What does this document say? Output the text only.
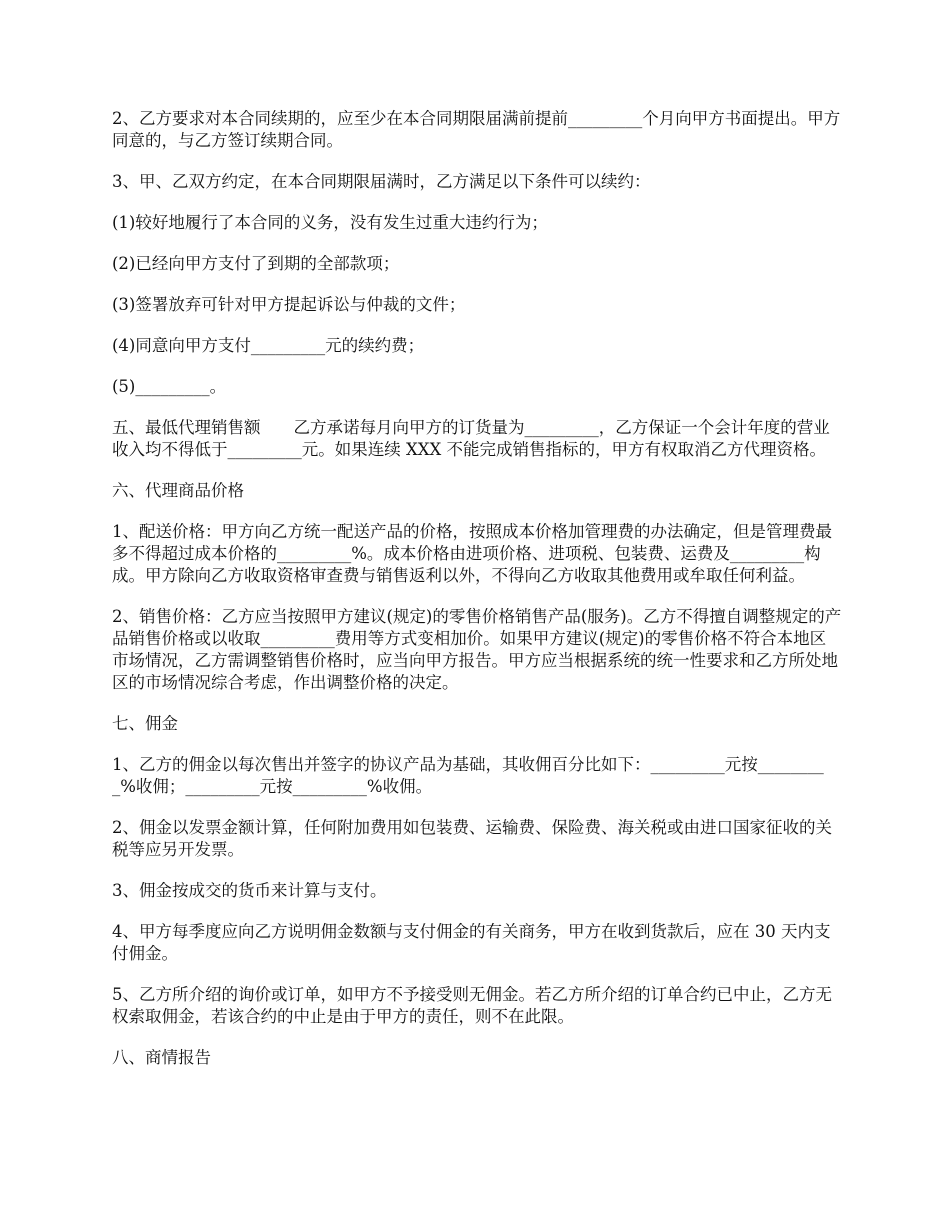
2、乙方要求对本合同续期的，应至少在本合同期限届满前提前_________个月向甲方书面提出。甲方同意的，与乙方签订续期合同。

3、甲、乙双方约定，在本合同期限届满时，乙方满足以下条件可以续约：

(1)较好地履行了本合同的义务，没有发生过重大违约行为；

(2)已经向甲方支付了到期的全部款项；

(3)签署放弃可针对甲方提起诉讼与仲裁的文件；

(4)同意向甲方支付_________元的续约费；

(5)_________。

五、最低代理销售额　　乙方承诺每月向甲方的订货量为_________，乙方保证一个会计年度的营业收入均不得低于_________元。如果连续 XXX 不能完成销售指标的，甲方有权取消乙方代理资格。

六、代理商品价格

1、配送价格：甲方向乙方统一配送产品的价格，按照成本价格加管理费的办法确定，但是管理费最多不得超过成本价格的_________%。成本价格由进项价格、进项税、包装费、运费及_________构成。甲方除向乙方收取资格审查费与销售返利以外，不得向乙方收取其他费用或牟取任何利益。

2、销售价格：乙方应当按照甲方建议(规定)的零售价格销售产品(服务)。乙方不得擅自调整规定的产品销售价格或以收取_________费用等方式变相加价。如果甲方建议(规定)的零售价格不符合本地区市场情况，乙方需调整销售价格时，应当向甲方报告。甲方应当根据系统的统一性要求和乙方所处地区的市场情况综合考虑，作出调整价格的决定。

七、佣金

1、乙方的佣金以每次售出并签字的协议产品为基础，其收佣百分比如下：_________元按_________%收佣；_________元按_________%收佣。

2、佣金以发票金额计算，任何附加费用如包装费、运输费、保险费、海关税或由进口国家征收的关税等应另开发票。

3、佣金按成交的货币来计算与支付。

4、甲方每季度应向乙方说明佣金数额与支付佣金的有关商务，甲方在收到货款后，应在 30 天内支付佣金。

5、乙方所介绍的询价或订单，如甲方不予接受则无佣金。若乙方所介绍的订单合约已中止，乙方无权索取佣金，若该合约的中止是由于甲方的责任，则不在此限。

八、商情报告
